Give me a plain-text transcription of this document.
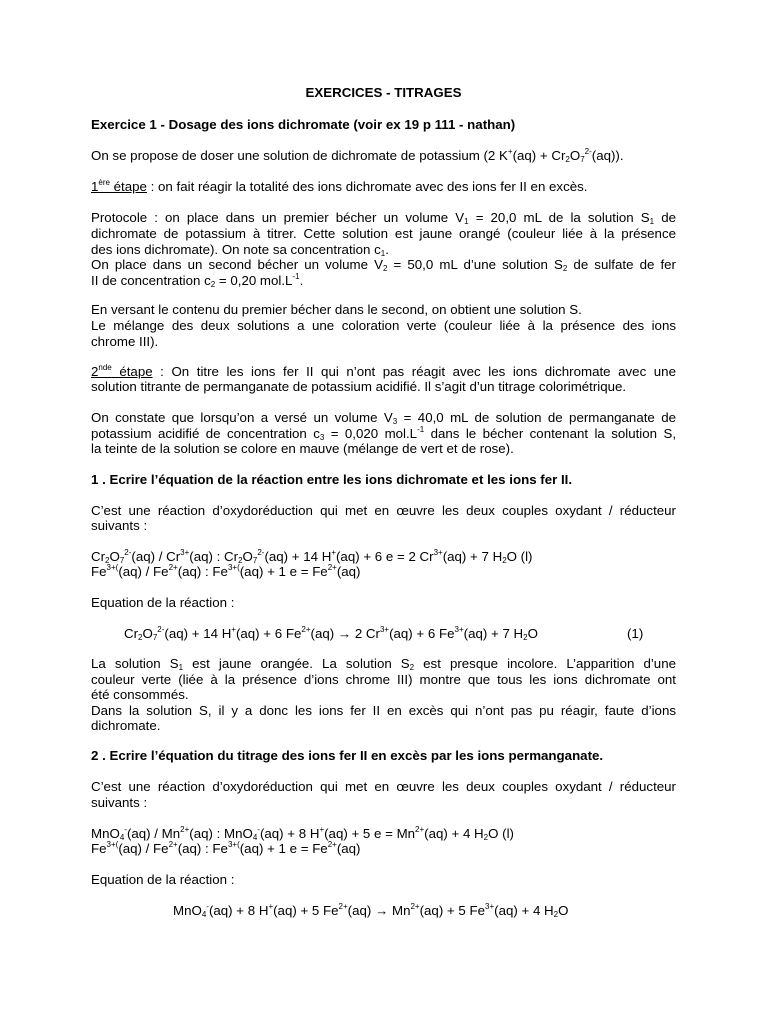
EXERCICES - TITRAGES
Exercice 1 - Dosage des ions dichromate (voir ex 19 p 111 - nathan)
On se propose de doser une solution de dichromate de potassium (2 $K^+(aq) + Cr_2O_7^{2-}(aq)$).
1ère étape : on fait réagir la totalité des ions dichromate avec des ions fer II en excès.
Protocole : on place dans un premier bécher un volume $V_1 = 20,0$ mL de la solution $S_1$ de
dichromate de potassium à titrer. Cette solution est jaune orangé (couleur liée à la présence
des ions dichromate). On note sa concentration $c_1$.
On place dans un second bécher un volume $V_2 = 50,0$ mL d’une solution $S_2$ de sulfate de fer
II de concentration $c_2 = 0,20$ $mol.L^{-1}$.
En versant le contenu du premier bécher dans le second, on obtient une solution S.
Le mélange des deux solutions a une coloration verte (couleur liée à la présence des ions
chrome III).
2nde étape : On titre les ions fer II qui n’ont pas réagit avec les ions dichromate avec une
solution titrante de permanganate de potassium acidifié. Il s’agit d’un titrage colorimétrique.
On constate que lorsqu’on a versé un volume $V_3 = 40,0$ mL de solution de permanganate de
potassium acidifié de concentration $c_3 = 0,020$ $mol.L^{-1}$ dans le bécher contenant la solution S,
la teinte de la solution se colore en mauve (mélange de vert et de rose).
1 . Ecrire l’équation de la réaction entre les ions dichromate et les ions fer II.
C’est une réaction d’oxydoréduction qui met en œuvre les deux couples oxydant / réducteur
suivants :
$Cr_2O_7^{2-}(aq) / Cr^{3+}(aq)$ : $Cr_2O_7^{2-}(aq) + 14$ H+(aq) + 6 e = 2 $Cr^{3+}(aq) + 7$ $H_2O$ (l)
$Fe^{3+(}(aq) / Fe^{2+}(aq)$ : $Fe^{3+(}(aq) + 1$ $e = Fe^{2+}(aq)$
Equation de la réaction :
$Cr_2O_7^{2-}(aq) + 14$ H+(aq) + 6 $Fe^{2+}(aq) \to 2$ $Cr^{3+}(aq) + 6$ $Fe^{3+}(aq) + 7$ $H_2O$	(1)
La solution $S_1$ est jaune orangée. La solution $S_2$ est presque incolore. L’apparition d’une
couleur verte (liée à la présence d’ions chrome III) montre que tous les ions dichromate ont
été consommés.
Dans la solution S, il y a donc les ions fer II en excès qui n’ont pas pu réagir, faute d’ions
dichromate.
2 . Ecrire l’équation du titrage des ions fer II en excès par les ions permanganate.
C’est une réaction d’oxydoréduction qui met en œuvre les deux couples oxydant / réducteur
suivants :
$MnO_4^-(aq) / Mn^{2+}(aq)$ : MnO$_4$-(aq) + 8 H+(aq) + 5 $e = Mn^{2+}(aq) + 4$ $H_2O$ (l)
$Fe^{3+(}(aq) / Fe^{2+}(aq)$ : $Fe^{3+(}(aq) + 1$ $e = Fe^{2+}(aq)$
Equation de la réaction :
MnO$_4$-(aq) + 8 H+(aq) + 5 $Fe^{2+}(aq) \to Mn^{2+}(aq) + 5$ $Fe^{3+}(aq) + 4$ $H_2O$
